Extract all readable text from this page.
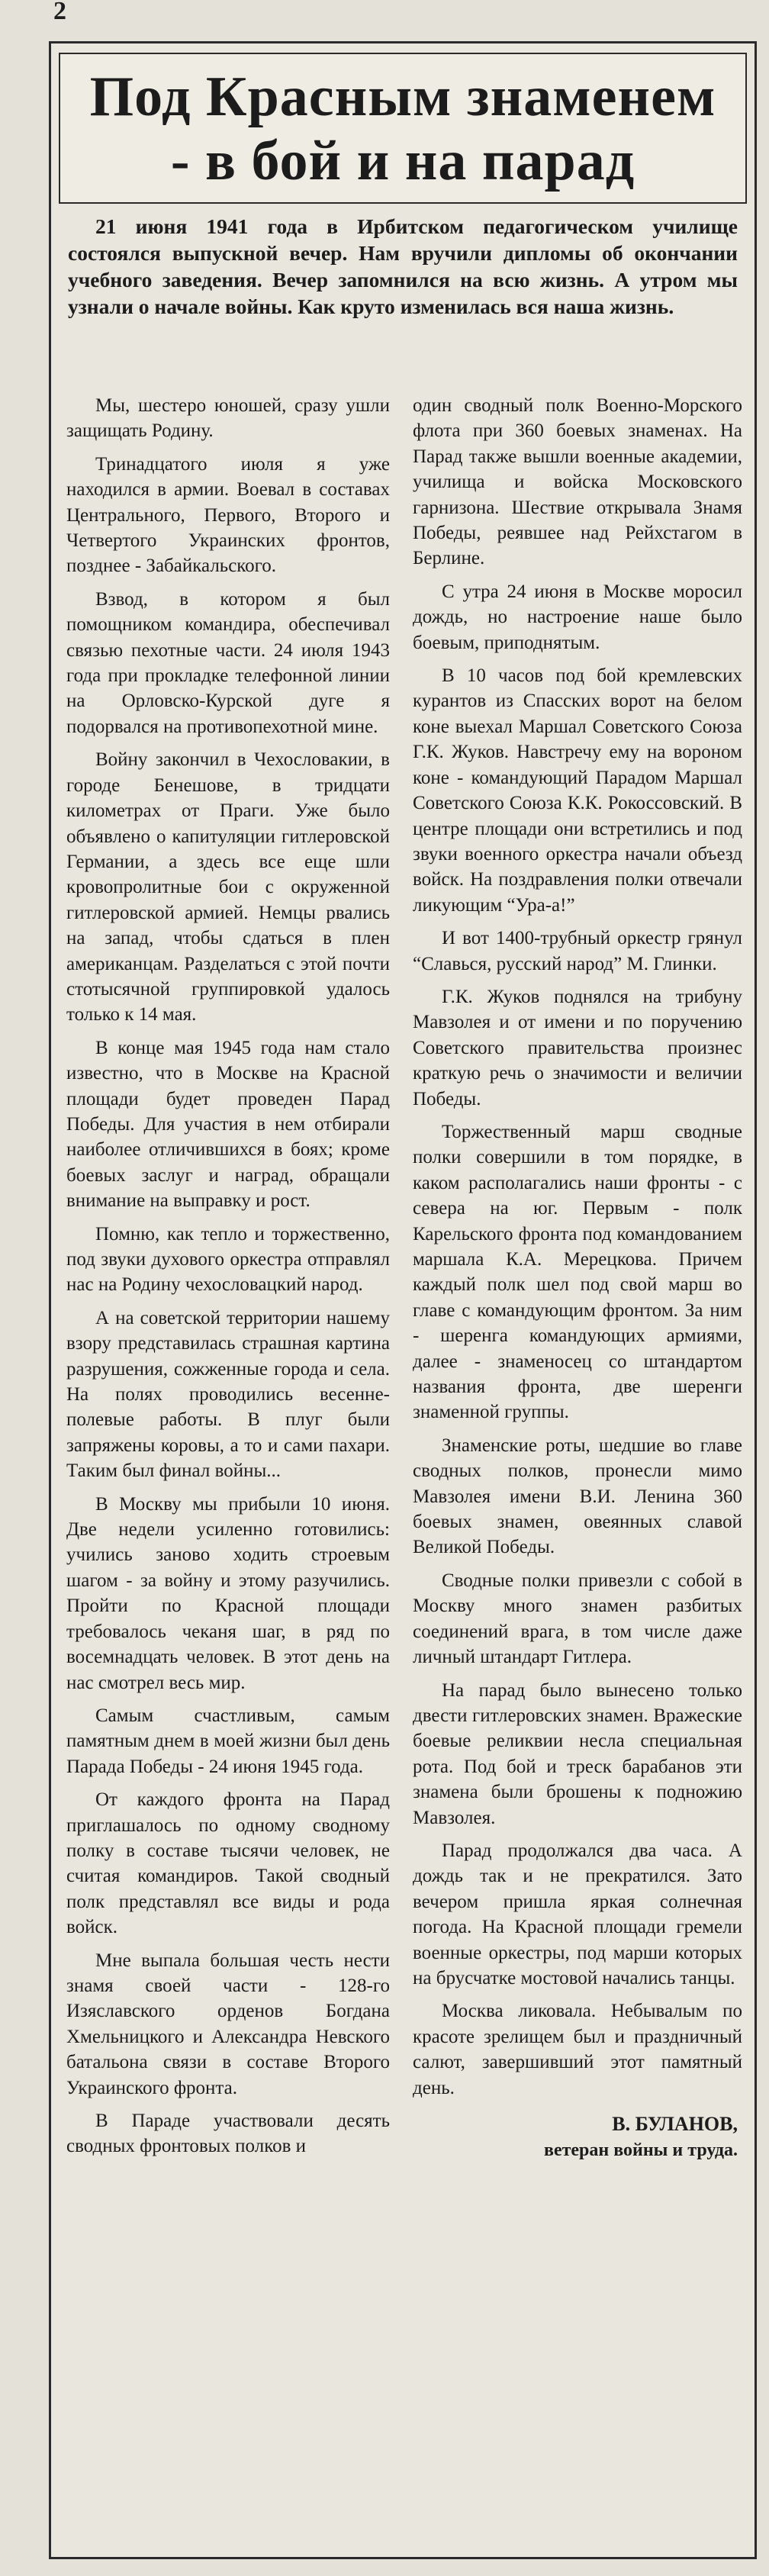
2
Под Красным знаменем
- в бой и на парад

21 июня 1941 года в Ирбитском педагогическом училище состоялся выпускной вечер. Нам вручили дипломы об окончании учебного заведения. Вечер запомнился на всю жизнь. А утром мы узнали о начале войны. Как круто изменилась вся наша жизнь.

Мы, шестеро юношей, сразу ушли защищать Родину.

Тринадцатого июля я уже находился в армии. Воевал в составах Центрального, Первого, Второго и Четвертого Украинских фронтов, позднее - Забайкальского.

Взвод, в котором я был помощником командира, обеспечивал связью пехотные части. 24 июля 1943 года при прокладке телефонной линии на Орловско-Курской дуге я подорвался на противопехотной мине.

Войну закончил в Чехословакии, в городе Бенешове, в тридцати километрах от Праги. Уже было объявлено о капитуляции гитлеровской Германии, а здесь все еще шли кровопролитные бои с окруженной гитлеровской армией. Немцы рвались на запад, чтобы сдаться в плен американцам. Разделаться с этой почти стотысячной группировкой удалось только к 14 мая.

В конце мая 1945 года нам стало известно, что в Москве на Красной площади будет проведен Парад Победы. Для участия в нем отбирали наиболее отличившихся в боях; кроме боевых заслуг и наград, обращали внимание на выправку и рост.

Помню, как тепло и торжественно, под звуки духового оркестра отправлял нас на Родину чехословацкий народ.

А на советской территории нашему взору представилась страшная картина разрушения, сожженные города и села. На полях проводились весенне-полевые работы. В плуг были запряжены коровы, а то и сами пахари. Таким был финал войны...

В Москву мы прибыли 10 июня. Две недели усиленно готовились: учились заново ходить строевым шагом - за войну и этому разучились. Пройти по Красной площади требовалось чеканя шаг, в ряд по восемнадцать человек. В этот день на нас смотрел весь мир.

Самым счастливым, самым памятным днем в моей жизни был день Парада Победы - 24 июня 1945 года.

От каждого фронта на Парад приглашалось по одному сводному полку в составе тысячи человек, не считая командиров. Такой сводный полк представлял все виды и рода войск.

Мне выпала большая честь нести знамя своей части - 128-го Изяславского орденов Богдана Хмельницкого и Александра Невского батальона связи в составе Второго Украинского фронта.

В Параде участвовали десять сводных фронтовых полков и

один сводный полк Военно-Морского флота при 360 боевых знаменах. На Парад также вышли военные академии, училища и войска Московского гарнизона. Шествие открывала Знамя Победы, реявшее над Рейхстагом в Берлине.

С утра 24 июня в Москве моросил дождь, но настроение наше было боевым, приподнятым.

В 10 часов под бой кремлевских курантов из Спасских ворот на белом коне выехал Маршал Советского Союза Г.К. Жуков. Навстречу ему на вороном коне - командующий Парадом Маршал Советского Союза К.К. Рокоссовский. В центре площади они встретились и под звуки военного оркестра начали объезд войск. На поздравления полки отвечали ликующим “Ура-а!”

И вот 1400-трубный оркестр грянул “Славься, русский народ” М. Глинки.

Г.К. Жуков поднялся на трибуну Мавзолея и от имени и по поручению Советского правительства произнес краткую речь о значимости и величии Победы.

Торжественный марш сводные полки совершили в том порядке, в каком располагались наши фронты - с севера на юг. Первым - полк Карельского фронта под командованием маршала К.А. Мерецкова. Причем каждый полк шел под свой марш во главе с командующим фронтом. За ним - шеренга командующих армиями, далее - знаменосец со штандартом названия фронта, две шеренги знаменной группы.

Знаменские роты, шедшие во главе сводных полков, пронесли мимо Мавзолея имени В.И. Ленина 360 боевых знамен, овеянных славой Великой Победы.

Сводные полки привезли с собой в Москву много знамен разбитых соединений врага, в том числе даже личный штандарт Гитлера.

На парад было вынесено только двести гитлеровских знамен. Вражеские боевые реликвии несла специальная рота. Под бой и треск барабанов эти знамена были брошены к подножию Мавзолея.

Парад продолжался два часа. А дождь так и не прекратился. Зато вечером пришла яркая солнечная погода. На Красной площади гремели военные оркестры, под марши которых на брусчатке мостовой начались танцы.

Москва ликовала. Небывалым по красоте зрелищем был и праздничный салют, завершивший этот памятный день.

В. БУЛАНОВ,
ветеран войны и труда.
